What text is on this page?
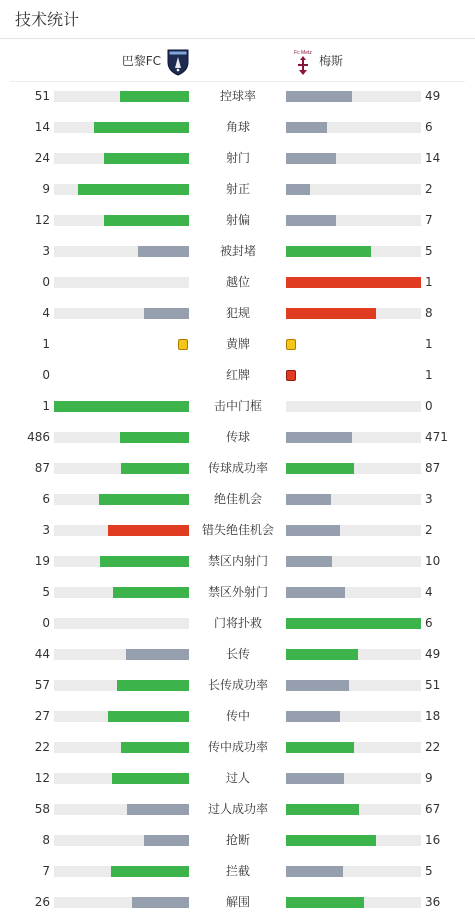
技术统计
巴黎FC
Fc Metz
梅斯
51	控球率	49
14	角球	6
24	射门	14
9	射正	2
12	射偏	7
3	被封堵	5
0	越位	1
4	犯规	8
1	黄牌	1
0	红牌	1
1	击中门框	0
486	传球	471
87	传球成功率	87
6	绝佳机会	3
3	错失绝佳机会	2
19	禁区内射门	10
5	禁区外射门	4
0	门将扑救	6
44	长传	49
57	长传成功率	51
27	传中	18
22	传中成功率	22
12	过人	9
58	过人成功率	67
8	抢断	16
7	拦截	5
26	解围	36
